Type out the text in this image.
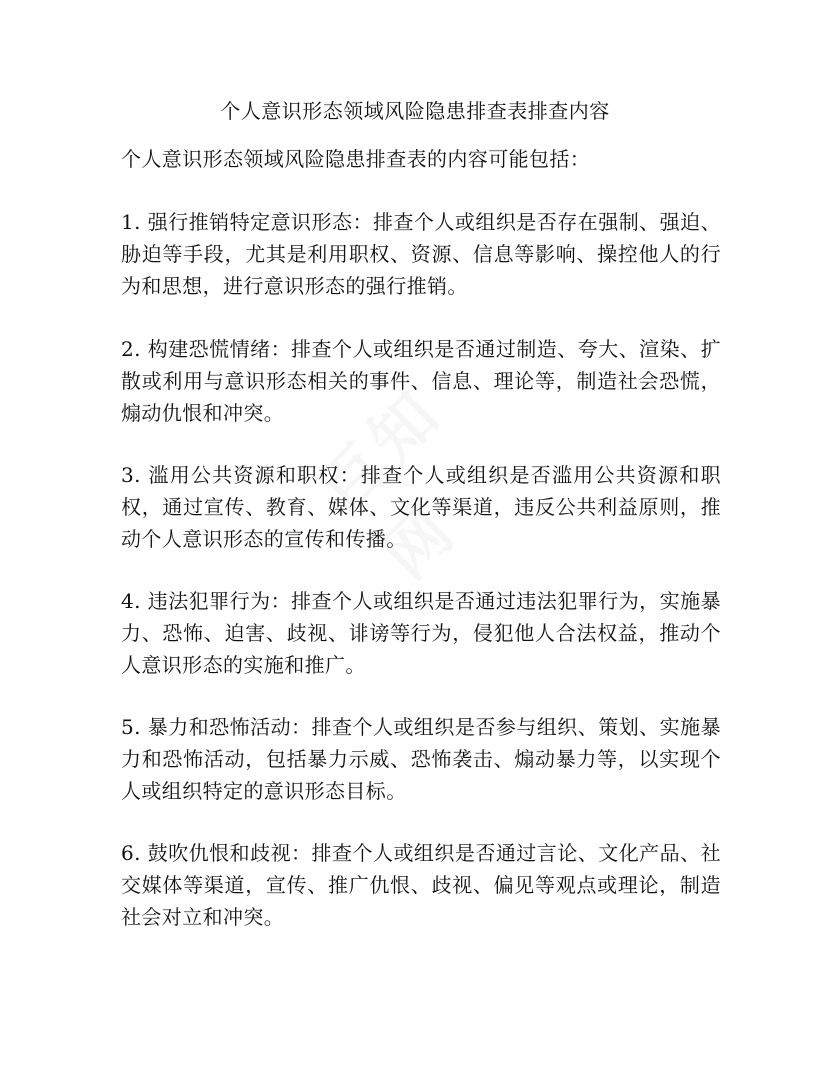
个人意识形态领域风险隐患排查表排查内容
个人意识形态领域风险隐患排查表的内容可能包括：
1. 强行推销特定意识形态：排查个人或组织是否存在强制、强迫、胁迫等手段，尤其是利用职权、资源、信息等影响、操控他人的行为和思想，进行意识形态的强行推销。
2. 构建恐慌情绪：排查个人或组织是否通过制造、夸大、渲染、扩散或利用与意识形态相关的事件、信息、理论等，制造社会恐慌，煽动仇恨和冲突。
3. 滥用公共资源和职权：排查个人或组织是否滥用公共资源和职权，通过宣传、教育、媒体、文化等渠道，违反公共利益原则，推动个人意识形态的宣传和传播。
4. 违法犯罪行为：排查个人或组织是否通过违法犯罪行为，实施暴力、恐怖、迫害、歧视、诽谤等行为，侵犯他人合法权益，推动个人意识形态的实施和推广。
5. 暴力和恐怖活动：排查个人或组织是否参与组织、策划、实施暴力和恐怖活动，包括暴力示威、恐怖袭击、煽动暴力等，以实现个人或组织特定的意识形态目标。
6. 鼓吹仇恨和歧视：排查个人或组织是否通过言论、文化产品、社交媒体等渠道，宣传、推广仇恨、歧视、偏见等观点或理论，制造社会对立和冲突。
